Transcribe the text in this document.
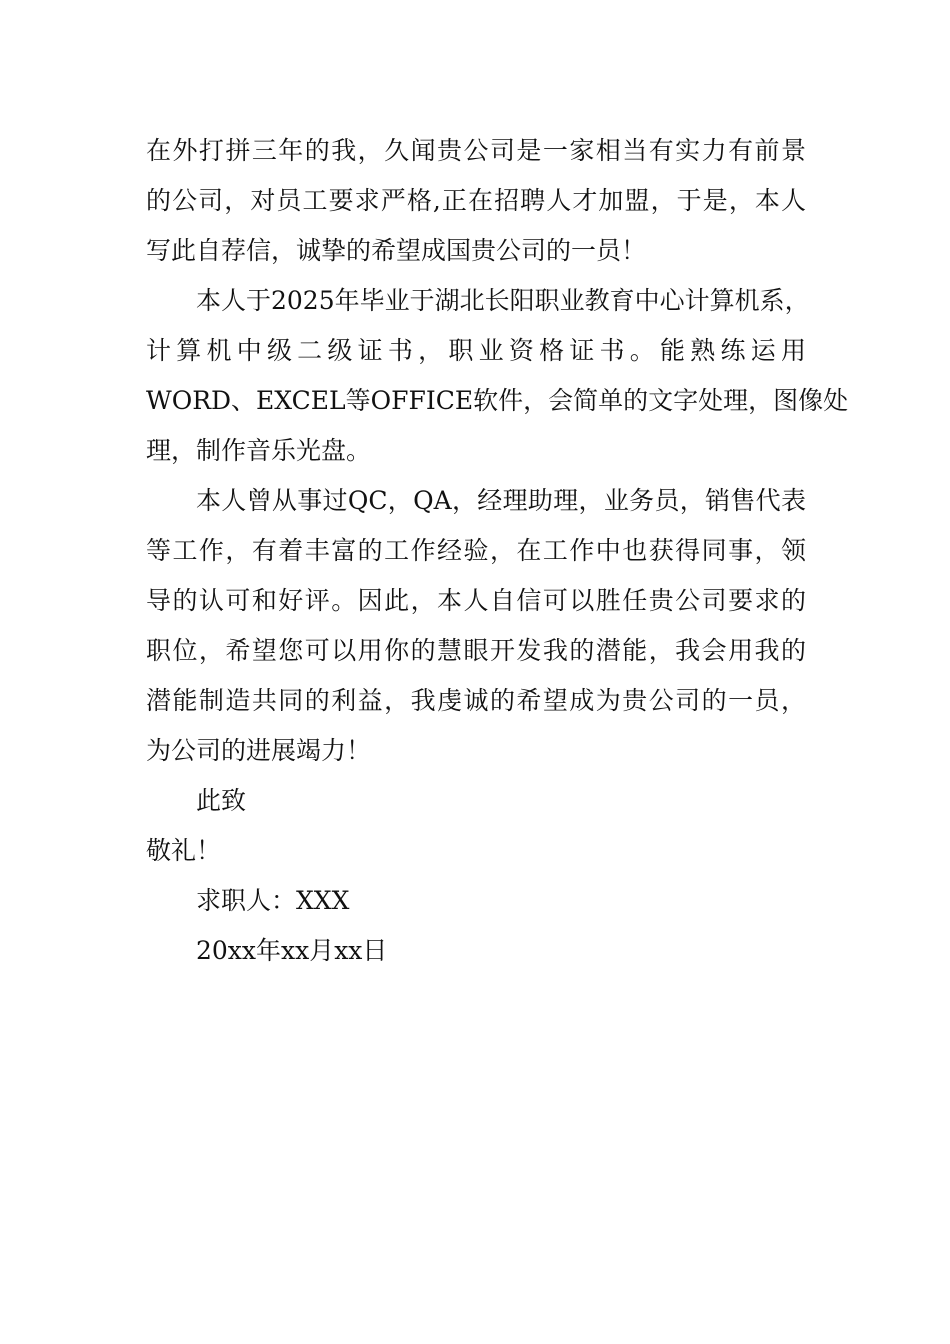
在外打拼三年的我，久闻贵公司是一家相当有实力有前景
的公司，对员工要求严格,正在招聘人才加盟，于是，本人
写此自荐信，诚挚的希望成国贵公司的一员！
本人于2025年毕业于湖北长阳职业教育中心计算机系，
计算机中级二级证书，职业资格证书。能熟练运用
WORD、EXCEL等OFFICE软件，会简单的文字处理，图像处
理，制作音乐光盘。
本人曾从事过QC，QA，经理助理，业务员，销售代表
等工作，有着丰富的工作经验，在工作中也获得同事，领
导的认可和好评。因此，本人自信可以胜任贵公司要求的
职位，希望您可以用你的慧眼开发我的潜能，我会用我的
潜能制造共同的利益，我虔诚的希望成为贵公司的一员，
为公司的进展竭力！
此致
敬礼！
求职人：XXX
20xx年xx月xx日
